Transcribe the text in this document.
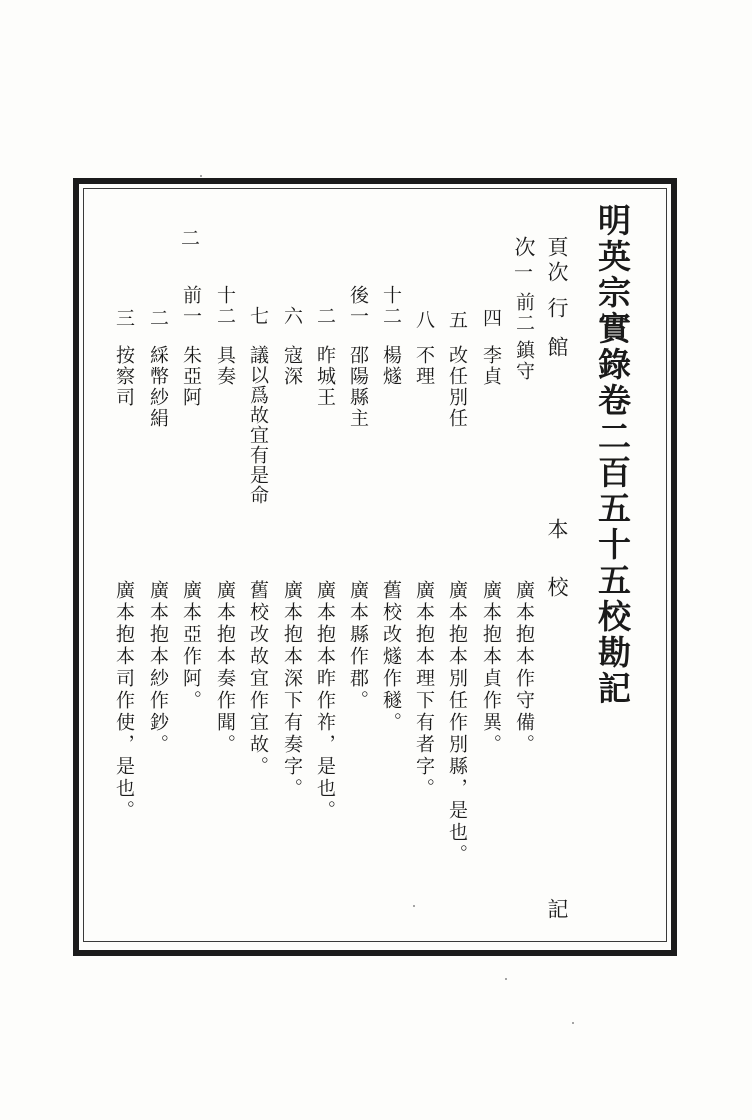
明英宗實錄卷二百五十五校勘記
頁次
次
行
館
本
校
記
一
二
前二
鎮守
廣本抱本作守備。
四
李貞
廣本抱本貞作異。
五
改任別任
廣本抱本別任作別縣，是也。
八
不理
廣本抱本理下有者字。
十二
楊燧
舊校改燧作穟。
後一
邵陽縣主
廣本縣作郡。
二
昨城王
廣本抱本昨作祚，是也。
六
寇深
廣本抱本深下有奏字。
七
議以爲故宜有是命
舊校改故宜作宜故。
十二
具奏
廣本抱本奏作聞。
前一
朱亞阿
廣本亞作阿。
二
綵幣紗絹
廣本抱本紗作鈔。
三
按察司
廣本抱本司作使，是也。
